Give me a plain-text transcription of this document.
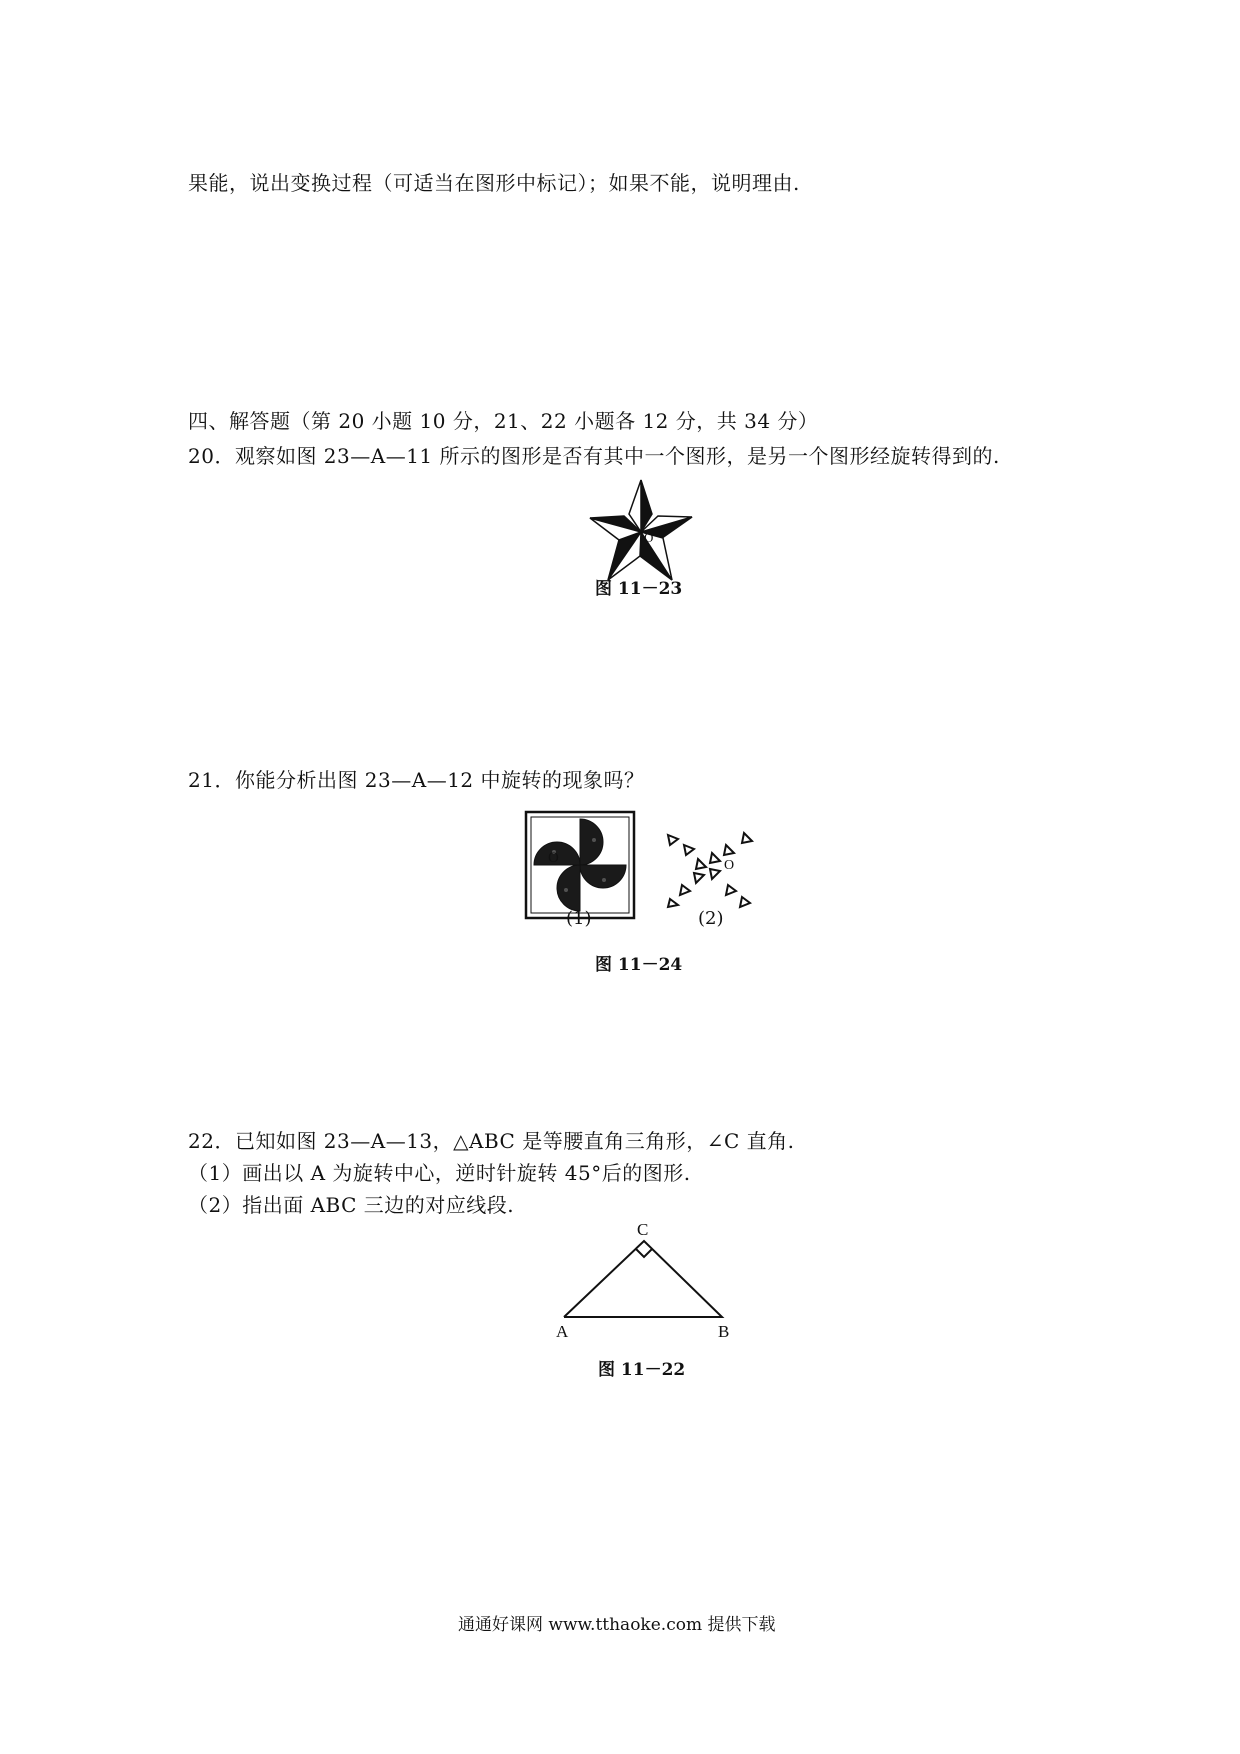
果能，说出变换过程（可适当在图形中标记）；如果不能，说明理由.
四、解答题（第 20 小题 10 分，21、22 小题各 12 分，共 34 分）
20．观察如图 23—A—11 所示的图形是否有其中一个图形，是另一个图形经旋转得到的.
O
图 11－23
21．你能分析出图 23—A—12 中旋转的现象吗？
O
(1)
O
(2)
图 11－24
22．已知如图 23—A—13，△ABC 是等腰直角三角形，∠C 直角.
（1）画出以 A 为旋转中心，逆时针旋转 45°后的图形.
（2）指出面 ABC 三边的对应线段.
C
A	B
图 11－22
通通好课网 www.tthaoke.com 提供下载
